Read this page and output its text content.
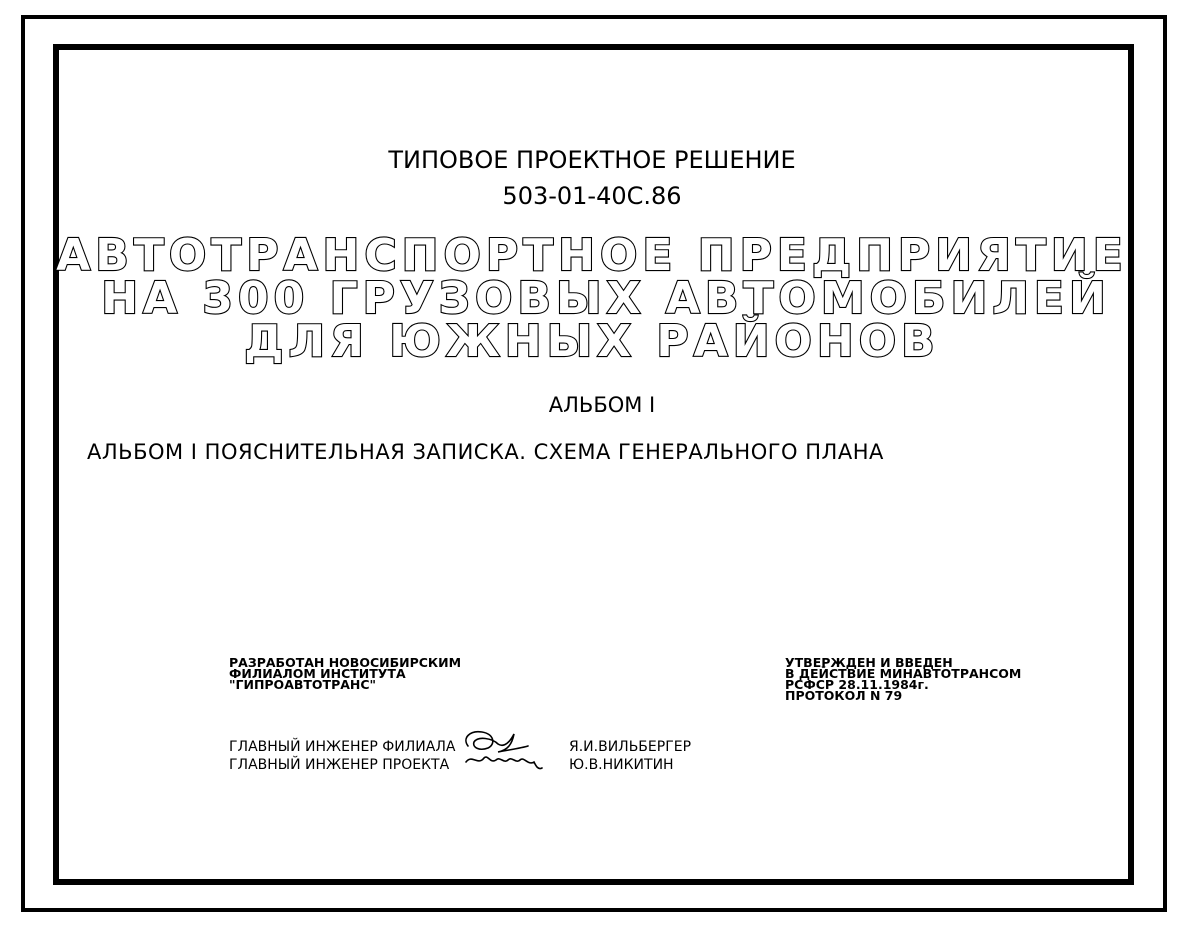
ТИПОВОЕ ПРОЕКТНОЕ РЕШЕНИЕ
503-01-40С.86
АВТОТРАНСПОРТНОЕ ПРЕДПРИЯТИЕ
НА 300 ГРУЗОВЫХ АВТОМОБИЛЕЙ
ДЛЯ ЮЖНЫХ РАЙОНОВ
АЛЬБОМ I
АЛЬБОМ I ПОЯСНИТЕЛЬНАЯ ЗАПИСКА. СХЕМА ГЕНЕРАЛЬНОГО ПЛАНА
РАЗРАБОТАН НОВОСИБИРСКИМ
ФИЛИАЛОМ ИНСТИТУТА
"ГИПРОАВТОТРАНС"
УТВЕРЖДЕН И ВВЕДЕН
В ДЕЙСТВИЕ МИНАВТОТРАНСОМ
РСФСР 28.11.1984г.
ПРОТОКОЛ N 79
ГЛАВНЫЙ ИНЖЕНЕР ФИЛИАЛА	Я.И.ВИЛЬБЕРГЕР
ГЛАВНЫЙ ИНЖЕНЕР ПРОЕКТА	Ю.В.НИКИТИН
